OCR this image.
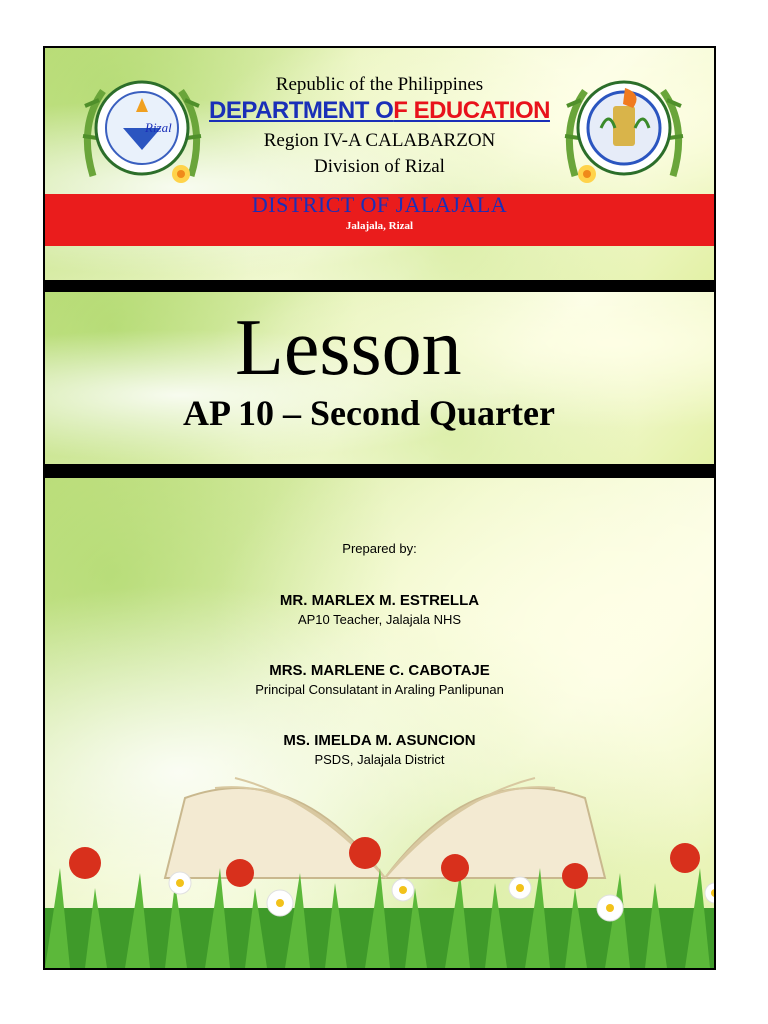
Rizal
Republic of the Philippines
DEPARTMENT OF EDUCATION
Region IV-A CALABARZON
Division of Rizal
DISTRICT OF JALAJALA
Jalajala, Rizal
Lesson
AP 10 – Second Quarter
Prepared by:
MR. MARLEX M. ESTRELLA
AP10 Teacher, Jalajala NHS
MRS. MARLENE C. CABOTAJE
Principal Consulatant in Araling Panlipunan
MS. IMELDA M. ASUNCION
PSDS, Jalajala District
